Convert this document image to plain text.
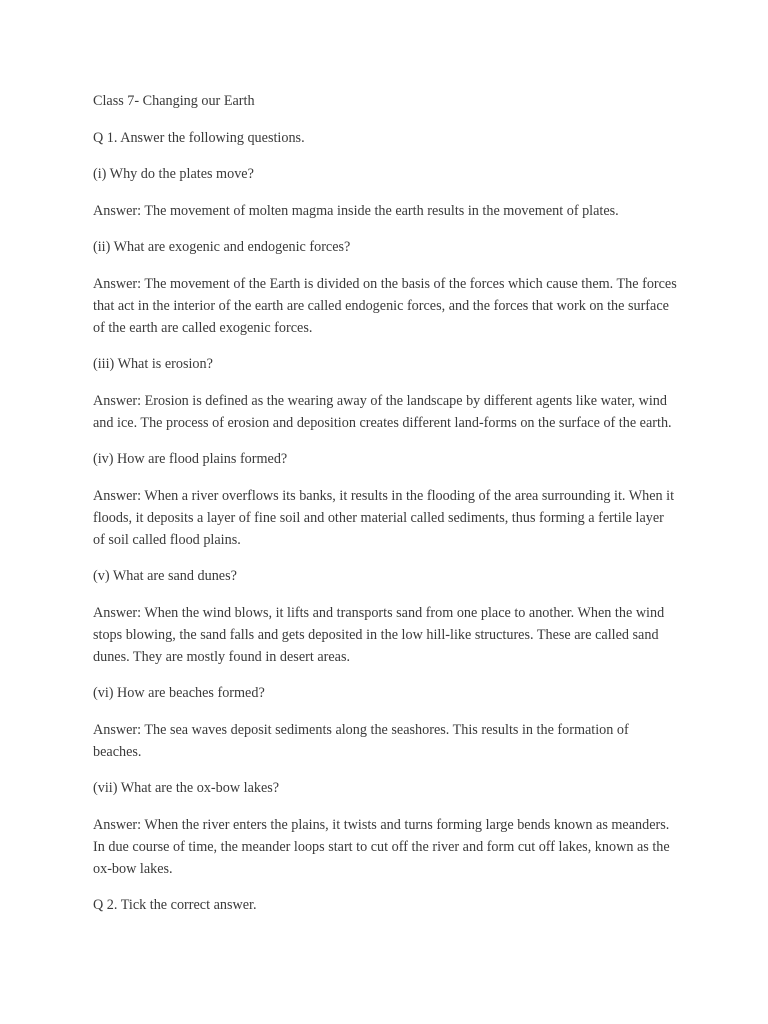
Class 7- Changing our Earth

Q 1. Answer the following questions.

(i) Why do the plates move?

Answer: The movement of molten magma inside the earth results in the movement of plates.

(ii) What are exogenic and endogenic forces?

Answer: The movement of the Earth is divided on the basis of the forces which cause them. The forces that act in the interior of the earth are called endogenic forces, and the forces that work on the surface of the earth are called exogenic forces.

(iii) What is erosion?

Answer: Erosion is defined as the wearing away of the landscape by different agents like water, wind and ice. The process of erosion and deposition creates different land-forms on the surface of the earth.

(iv) How are flood plains formed?

Answer: When a river overflows its banks, it results in the flooding of the area surrounding it. When it floods, it deposits a layer of fine soil and other material called sediments, thus forming a fertile layer of soil called flood plains.

(v) What are sand dunes?

Answer: When the wind blows, it lifts and transports sand from one place to another. When the wind stops blowing, the sand falls and gets deposited in the low hill-like structures. These are called sand dunes. They are mostly found in desert areas.

(vi) How are beaches formed?

Answer: The sea waves deposit sediments along the seashores. This results in the formation of beaches.

(vii) What are the ox-bow lakes?

Answer: When the river enters the plains, it twists and turns forming large bends known as meanders. In due course of time, the meander loops start to cut off the river and form cut off lakes, known as the ox-bow lakes.

Q 2. Tick the correct answer.
